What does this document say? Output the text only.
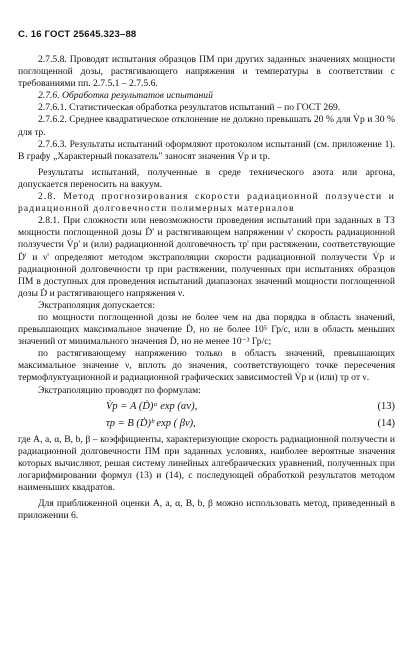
С. 16 ГОСТ 25645.323–88

2.7.5.8. Проводят испытания образцов ПМ при других заданных значениях мощности поглощенной дозы, растягивающего напряжения и температуры в соответствии с требованиями пп. 2.7.5.1 – 2.7.5.6.

2.7.6. Обработка результатов испытаний

2.7.6.1. Статистическая обработка результатов испытаний – по ГОСТ 269.

2.7.6.2. Среднее квадратическое отклонение не должно превышать 20 % для V̇р и 30 % для τр.

2.7.6.3. Результаты испытаний оформляют протоколом испытаний (см. приложение 1). В графу „Характерный показатель" заносят значения V̇р и τр.

Результаты испытаний, полученные в среде технического азота или аргона, допускается переносить на вакуум.

2.8. Метод прогнозирования скорости радиационной ползучести и радиационной долговечности полимерных материалов

2.8.1. При сложности или невозможности проведения испытаний при заданных в ТЗ мощности поглощенной дозы Ḋ' и растягивающем напряжении ν' скорость радиационной ползучести V̇р' и (или) радиационной долговечность τр' при растяжении, соответствующие Ḋ' и ν' определяют методом экстраполяции скорости радиационной ползучести V̇р и радиационной долговечности τр при растяжении, полученных при испытаниях образцов ПМ в доступных для проведения испытаний диапазонах значений мощности поглощенной дозы Ḋ и растягивающего напряжения ν.

Экстраполяция допускается:

по мощности поглощенной дозы не более чем на два порядка в область значений, превышающих максимальное значение Ḋ, но не более 10⁵ Гр/с, или в область меньших значений от минимального значения Ḋ, но не менее 10⁻³ Гр/с;

по растягивающему напряжению только в область значений, превышающих максимальное значение ν, вплоть до значения, соответствующего точке пересечения термофлуктуационной и радиационной графических зависимостей V̇р и (или) τр от ν.

Экстраполяцию проводят по формулам:

V̇р = A (Ḋ)ᵃ exp (αν),	(13)
τр = B (Ḋ)ᵇ exp ( βν),	(14)

где A, a, α, B, b, β – коэффициенты, характеризующие скорость радиационной ползучести и радиационной долговечности ПМ при заданных условиях, наиболее вероятные значения которых вычисляют, решая систему линейных алгебраических уравнений, полученных при логарифмировании формул (13) и (14), с последующей обработкой результатов методом наименьших квадратов.

Для приближенной оценки A, a, α, B, b, β можно использовать метод, приведенный в приложении 6.
